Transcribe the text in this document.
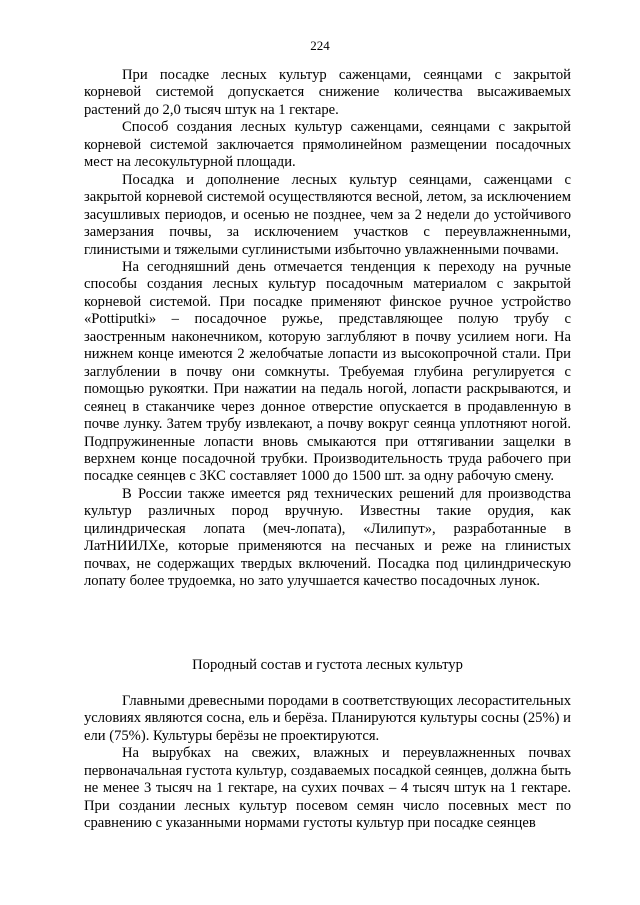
224

При посадке лесных культур саженцами, сеянцами с закрытой корневой системой допускается снижение количества высаживаемых растений до 2,0 тысяч штук на 1 гектаре.

Способ создания лесных культур саженцами, сеянцами с закрытой корневой системой заключается прямолинейном размещении посадочных мест на лесокультурной площади.

Посадка и дополнение лесных культур сеянцами, саженцами с закрытой корневой системой осуществляются весной, летом, за исключением засушливых периодов, и осенью не позднее, чем за 2 недели до устойчивого замерзания почвы, за исключением участков с переувлажненными, глинистыми и тяжелыми суглинистыми избыточно увлажненными почвами.

На сегодняшний день отмечается тенденция к переходу на ручные способы создания лесных культур посадочным материалом с закрытой корневой системой. При посадке применяют финское ручное устройство «Pottiputki» – посадочное ружье, представляющее полую трубу с заостренным наконечником, которую заглубляют в почву усилием ноги. На нижнем конце имеются 2 желобчатые лопасти из высокопрочной стали. При заглублении в почву они сомкнуты. Требуемая глубина регулируется с помощью рукоятки. При нажатии на педаль ногой, лопасти раскрываются, и сеянец в стаканчике через донное отверстие опускается в продавленную в почве лунку. Затем трубу извлекают, а почву вокруг сеянца уплотняют ногой. Подпружиненные лопасти вновь смыкаются при оттягивании защелки в верхнем конце посадочной трубки. Производительность труда рабочего при посадке сеянцев с ЗКС составляет 1000 до 1500 шт. за одну рабочую смену.

В России также имеется ряд технических решений для производства культур различных пород вручную. Известны такие орудия, как цилиндрическая лопата (меч-лопата), «Лилипут», разработанные в ЛатНИИЛХе, которые применяются на песчаных и реже на глинистых почвах, не содержащих твердых включений. Посадка под цилиндрическую лопату более трудоемка, но зато улучшается качество посадочных лунок.

Породный состав и густота лесных культур

Главными древесными породами в соответствующих лесорастительных условиях являются сосна, ель и берёза. Планируются культуры сосны (25%) и ели (75%). Культуры берёзы не проектируются.

На вырубках на свежих, влажных и переувлажненных почвах первоначальная густота культур, создаваемых посадкой сеянцев, должна быть не менее 3 тысяч на 1 гектаре, на сухих почвах – 4 тысяч штук на 1 гектаре. При создании лесных культур посевом семян число посевных мест по сравнению с указанными нормами густоты культур при посадке сеянцев
